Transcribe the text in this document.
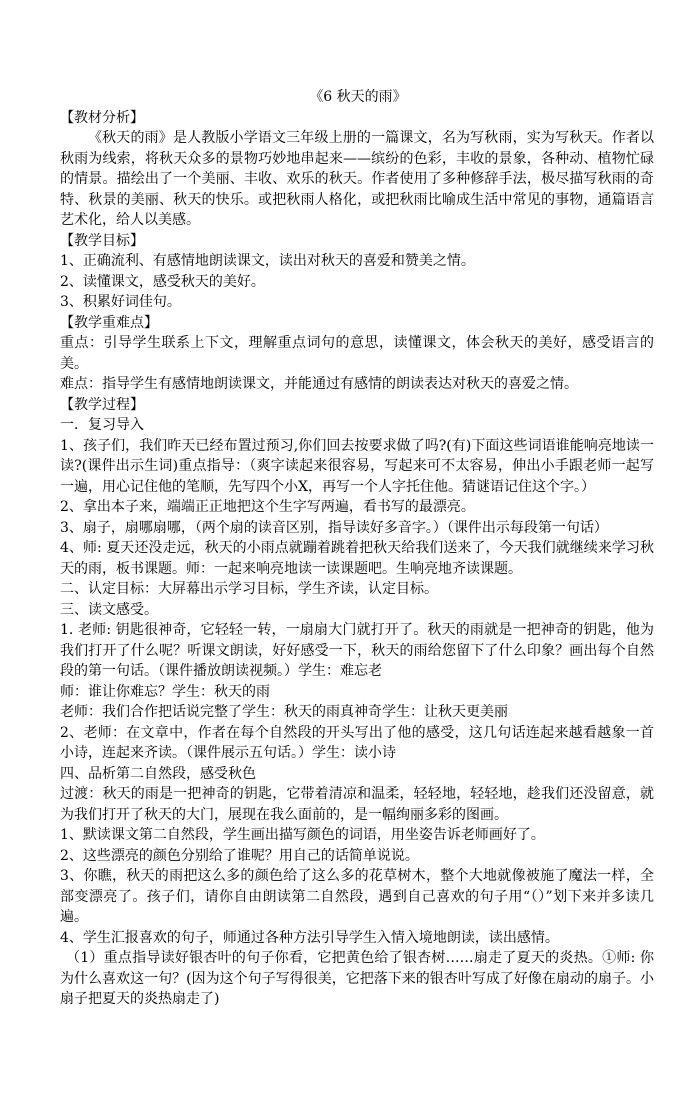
《6 秋天的雨》

【教材分析】

《秋天的雨》是人教版小学语文三年级上册的一篇课文，名为写秋雨，实为写秋天。作者以秋雨为线索，将秋天众多的景物巧妙地串起来——缤纷的色彩，丰收的景象，各种动、植物忙碌的情景。描绘出了一个美丽、丰收、欢乐的秋天。作者使用了多种修辞手法，极尽描写秋雨的奇特、秋景的美丽、秋天的快乐。或把秋雨人格化，或把秋雨比喻成生活中常见的事物，通篇语言艺术化，给人以美感。

【教学目标】

1、正确流利、有感情地朗读课文，读出对秋天的喜爱和赞美之情。

2、读懂课文，感受秋天的美好。

3、积累好词佳句。

【教学重难点】

重点：引导学生联系上下文，理解重点词句的意思，读懂课文，体会秋天的美好，感受语言的美。

难点：指导学生有感情地朗读课文，并能通过有感情的朗读表达对秋天的喜爱之情。

【教学过程】

一．复习导入

1、孩子们，我们昨天已经布置过预习,你们回去按要求做了吗?(有)下面这些词语谁能响亮地读一读?(课件出示生词)重点指导：（爽字读起来很容易，写起来可不太容易，伸出小手跟老师一起写一遍，用心记住他的笔顺，先写四个小X，再写一个人字托住他。猜谜语记住这个字。）

2、拿出本子来，端端正正地把这个生字写两遍，看书写的最漂亮。

3、扇子，扇哪扇哪，（两个扇的读音区别，指导读好多音字。）（课件出示每段第一句话）

4、师: 夏天还没走远，秋天的小雨点就蹦着跳着把秋天给我们送来了，今天我们就继续来学习秋天的雨，板书课题。师：一起来响亮地读一读课题吧。生响亮地齐读课题。

二、认定目标：大屏幕出示学习目标，学生齐读，认定目标。

三、读文感受。

1. 老师: 钥匙很神奇，它轻轻一转，一扇扇大门就打开了。秋天的雨就是一把神奇的钥匙，他为我们打开了什么呢？听课文朗读，好好感受一下，秋天的雨给您留下了什么印象？画出每个自然段的第一句话。（课件播放朗读视频。）学生：难忘老

师：谁让你难忘？学生：秋天的雨

老师：我们合作把话说完整了学生：秋天的雨真神奇学生：让秋天更美丽

2、老师：在文章中，作者在每个自然段的开头写出了他的感受，这几句话连起来越看越象一首小诗，连起来齐读。（课件展示五句话。）学生：读小诗

四、品析第二自然段，感受秋色

过渡：秋天的雨是一把神奇的钥匙，它带着清凉和温柔，轻轻地，轻轻地，趁我们还没留意，就为我们打开了秋天的大门，展现在我么面前的，是一幅绚丽多彩的图画。

1、默读课文第二自然段，学生画出描写颜色的词语，用坐姿告诉老师画好了。

2、这些漂亮的颜色分别给了谁呢？用自己的话简单说说。

3、你瞧，秋天的雨把这么多的颜色给了这么多的花草树木，整个大地就像被施了魔法一样，全部变漂亮了。孩子们，请你自由朗读第二自然段，遇到自己喜欢的句子用“（）”划下来并多读几遍。

4、学生汇报喜欢的句子，师通过各种方法引导学生入情入境地朗读，读出感情。

（1）重点指导读好银杏叶的句子你看，它把黄色给了银杏树……扇走了夏天的炎热。①师: 你为什么喜欢这一句？(因为这个句子写得很美，它把落下来的银杏叶写成了好像在扇动的扇子。小扇子把夏天的炎热扇走了)
